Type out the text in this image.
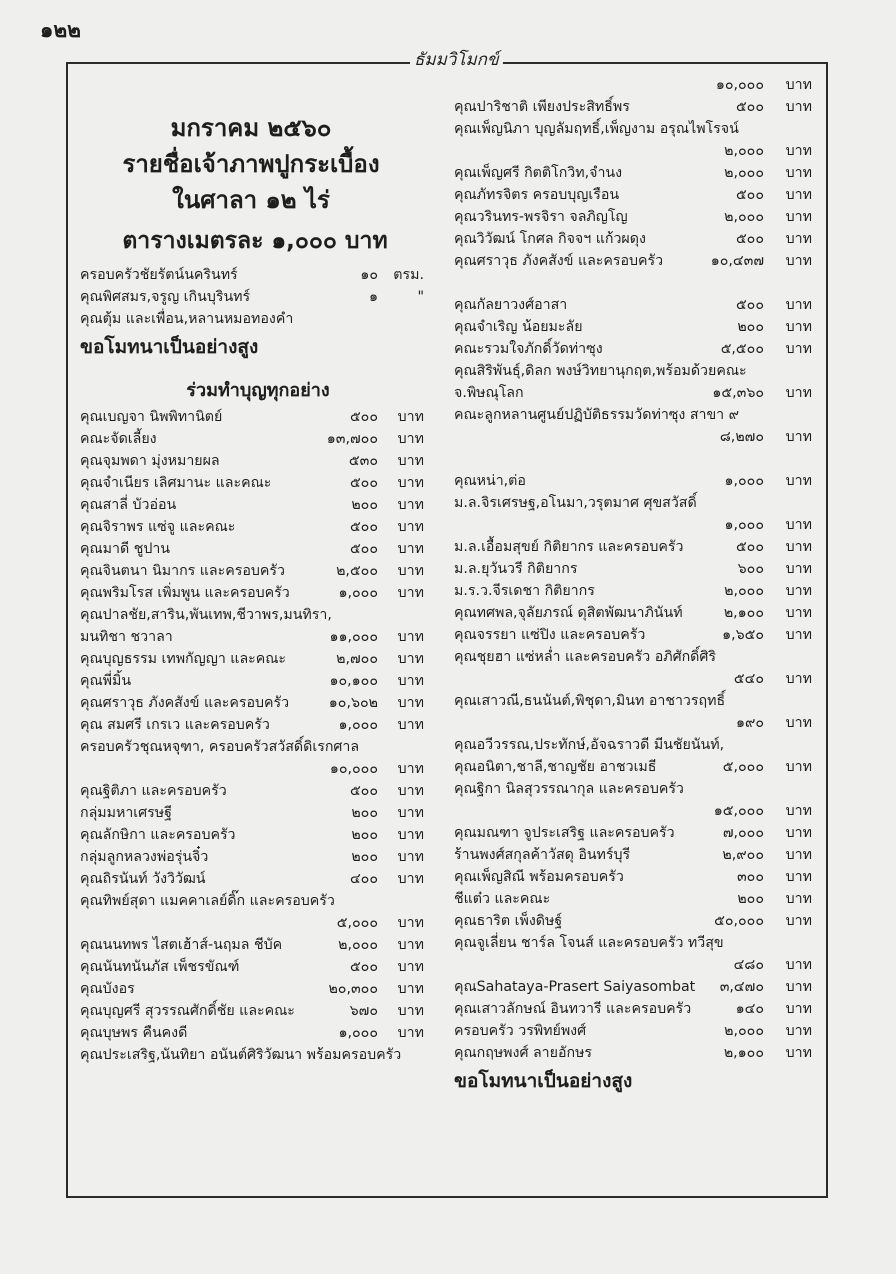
๑๒๒
ธัมมวิโมกข์
มกราคม ๒๕๖๐
รายชื่อเจ้าภาพปูกระเบื้อง
ในศาลา ๑๒ ไร่
ตารางเมตรละ ๑,๐๐๐ บาท
ครอบครัวชัยรัตน์นครินทร์	๑๐ ตรม.
คุณพิศสมร,จรูญ เกินบุรินทร์	๑	"
คุณตุ้ม และเพื่อน,หลานหมอทองคำ
ขอโมทนาเป็นอย่างสูง
ร่วมทำบุญทุกอย่าง
คุณเบญจา นิพพิทานิตย์	๕๐๐ บาท
คณะจัดเลี้ยง	๑๓,๗๐๐ บาท
คุณจุมพดา มุ่งหมายผล	๕๓๐ บาท
คุณจำเนียร เลิศมานะ และคณะ	๕๐๐ บาท
คุณสาลี่ บัวอ่อน	๒๐๐ บาท
คุณจิราพร แซ่จู และคณะ	๕๐๐ บาท
คุณมาดี ชูปาน	๕๐๐ บาท
คุณจินตนา นิมากร และครอบครัว	๒,๕๐๐ บาท
คุณพริมโรส เพิ่มพูน และครอบครัว	๑,๐๐๐ บาท
คุณปาลชัย,สาริน,พันเทพ,ชีวาพร,มนทิรา,
มนทิชา ชวาลา	๑๑,๐๐๐ บาท
คุณบุญธรรม เทพกัญญา และคณะ	๒,๗๐๐ บาท
คุณพี่มิ้น	๑๐,๑๐๐ บาท
คุณศราวุธ ภังคสังข์ และครอบครัว	๑๐,๖๐๒ บาท
คุณ สมศรี เกรเว และครอบครัว	๑,๐๐๐ บาท
ครอบครัวชุณหจุฑา, ครอบครัวสวัสดิ์ดิเรกศาล
๑๐,๐๐๐ บาท
คุณฐิติภา และครอบครัว	๕๐๐ บาท
กลุ่มมหาเศรษฐี	๒๐๐ บาท
คุณลักษิกา และครอบครัว	๒๐๐ บาท
กลุ่มลูกหลวงพ่อรุ่นจิ๋ว	๒๐๐ บาท
คุณถิรนันท์ วังวิวัฒน์	๔๐๐ บาท
คุณทิพย์สุดา แมคคาเลย์ดิ๊ก และครอบครัว
๕,๐๐๐ บาท
คุณนนทพร ไสตเฮ้าส์-นฤมล ชีบัค	๒,๐๐๐ บาท
คุณนันทนันภัส เพ็ชรขัณฑ์	๕๐๐ บาท
คุณบังอร	๒๐,๓๐๐ บาท
คุณบุญศรี สุวรรณศักดิ์ชัย และคณะ	๖๗๐ บาท
คุณบุษพร คืนคงดี	๑,๐๐๐ บาท
คุณประเสริฐ,นันทิยา อนันต์ศิริวัฒนา พร้อมครอบครัว
๑๐,๐๐๐ บาท
คุณปาริชาติ เพียงประสิทธิ์พร	๕๐๐ บาท
คุณเพ็ญนิภา บุญลัมฤทธิ์,เพ็ญงาม อรุณไพโรจน์
๒,๐๐๐ บาท
คุณเพ็ญศรี กิตติโกวิท,จำนง	๒,๐๐๐ บาท
คุณภัทรจิตร ครอบบุญเรือน	๕๐๐ บาท
คุณวรินทร-พรจิรา จลภิญโญ	๒,๐๐๐ บาท
คุณวิวัฒน์ โกศล กิจจฯ แก้วผดุง	๕๐๐ บาท
คุณศราวุธ ภังคสังข์ และครอบครัว	๑๐,๔๓๗ บาท
คุณกัลยาวงศ์อาสา	๕๐๐ บาท
คุณจำเริญ น้อยมะลัย	๒๐๐ บาท
คณะรวมใจภักดิ์วัดท่าซุง	๕,๕๐๐ บาท
คุณสิริพันธุ์,ดิลก พงษ์วิทยานุกฤต,พร้อมด้วยคณะ
จ.พิษณุโลก	๑๕,๓๖๐ บาท
คณะลูกหลานศูนย์ปฏิบัติธรรมวัดท่าซุง สาขา ๙
๘,๒๗๐ บาท
คุณหน่า,ต่อ	๑,๐๐๐ บาท
ม.ล.จิรเศรษฐ,อโนมา,วรุตมาศ ศุขสวัสดิ์
๑,๐๐๐ บาท
ม.ล.เอื้อมสุขย์ กิติยากร และครอบครัว	๕๐๐ บาท
ม.ล.ยุวันวรี กิติยากร	๖๐๐ บาท
ม.ร.ว.จีรเดชา กิติยากร	๒,๐๐๐ บาท
คุณทศพล,จุลัยภรณ์ ดุสิตพัฒนาภินันท์	๒,๑๐๐ บาท
คุณจรรยา แซ่ปิง และครอบครัว	๑,๖๕๐ บาท
คุณชุยฮา แซ่หล่ำ และครอบครัว อภิศักดิ์ศิริ
๕๔๐ บาท
คุณเสาวณี,ธนนันต์,พิชุดา,มินท อาชาวรฤทธิ์
๑๙๐ บาท
คุณอวีวรรณ,ประทักษ์,อัจฉราวดี มีนชัยนันท์,
คุณอนิตา,ชาลี,ชาญชัย อาชวเมธี	๕,๐๐๐ บาท
คุณฐิกา นิลสุวรรณากุล และครอบครัว
๑๕,๐๐๐ บาท
คุณมณฑา จูประเสริฐ และครอบครัว	๗,๐๐๐ บาท
ร้านพงศ์สกุลค้าวัสดุ อินทร์บุรี	๒,๙๐๐ บาท
คุณเพ็ญสิณี พร้อมครอบครัว	๓๐๐ บาท
ชีแต๋ว และคณะ	๒๐๐ บาท
คุณธาริต เพ็งดิษฐ์	๕๐,๐๐๐ บาท
คุณจูเลี่ยน ชาร์ล โจนส์ และครอบครัว ทวีสุข
๔๘๐ บาท
คุณSahataya-Prasert Saiyasombat ๓,๔๗๐ บาท
คุณเสาวลักษณ์ อินทวารี และครอบครัว	๑๔๐ บาท
ครอบครัว วรพิทย์พงศ์	๒,๐๐๐ บาท
คุณกฤษพงศ์ ลายอักษร	๒,๑๐๐ บาท
ขอโมทนาเป็นอย่างสูง
